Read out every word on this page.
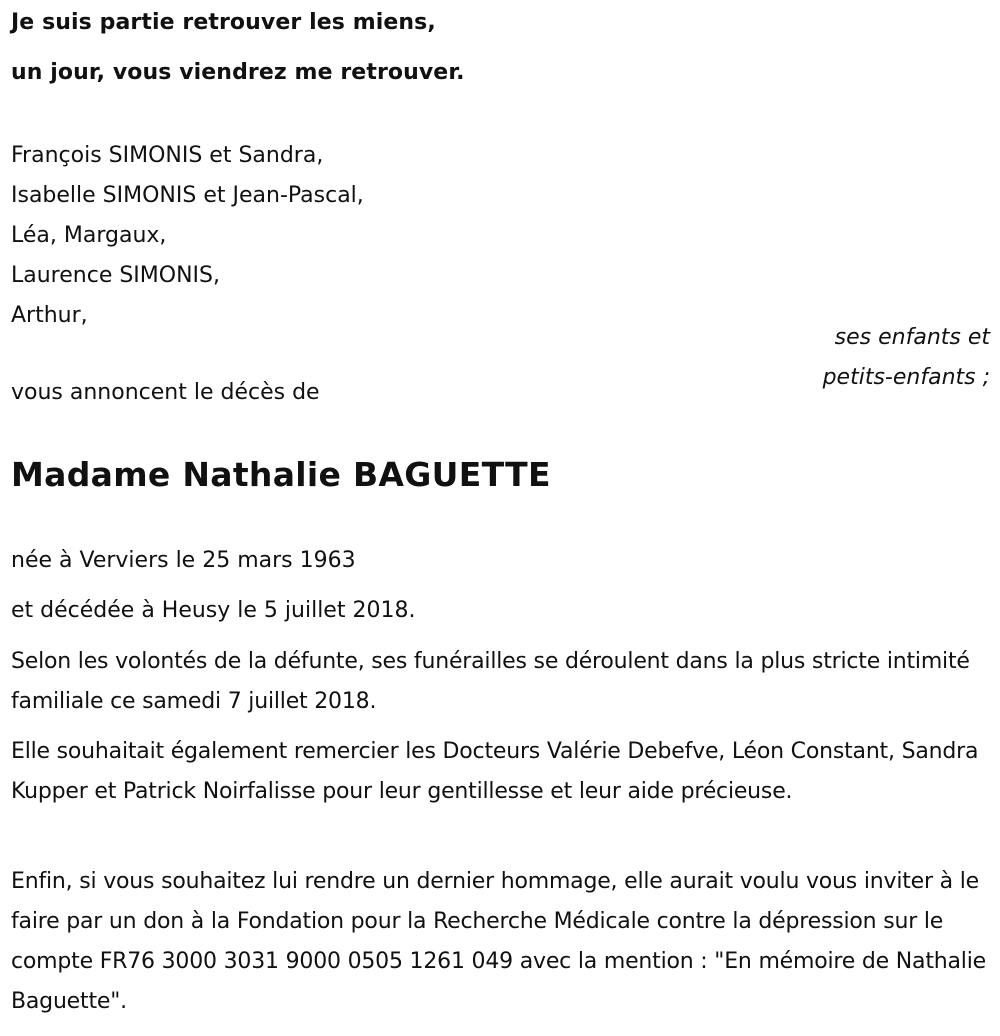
Je suis partie retrouver les miens,

un jour, vous viendrez me retrouver.

François SIMONIS et Sandra,
Isabelle SIMONIS et Jean-Pascal,
Léa, Margaux,
Laurence SIMONIS,
Arthur,
ses enfants et
petits-enfants ;

vous annoncent le décès de

Madame Nathalie BAGUETTE

née à Verviers le 25 mars 1963

et décédée à Heusy le 5 juillet 2018.

Selon les volontés de la défunte, ses funérailles se déroulent dans la plus stricte intimité familiale ce samedi 7 juillet 2018.

Elle souhaitait également remercier les Docteurs Valérie Debefve, Léon Constant, Sandra Kupper et Patrick Noirfalisse pour leur gentillesse et leur aide précieuse.

Enfin, si vous souhaitez lui rendre un dernier hommage, elle aurait voulu vous inviter à le faire par un don à la Fondation pour la Recherche Médicale contre la dépression sur le compte FR76 3000 3031 9000 0505 1261 049 avec la mention : "En mémoire de Nathalie Baguette".
